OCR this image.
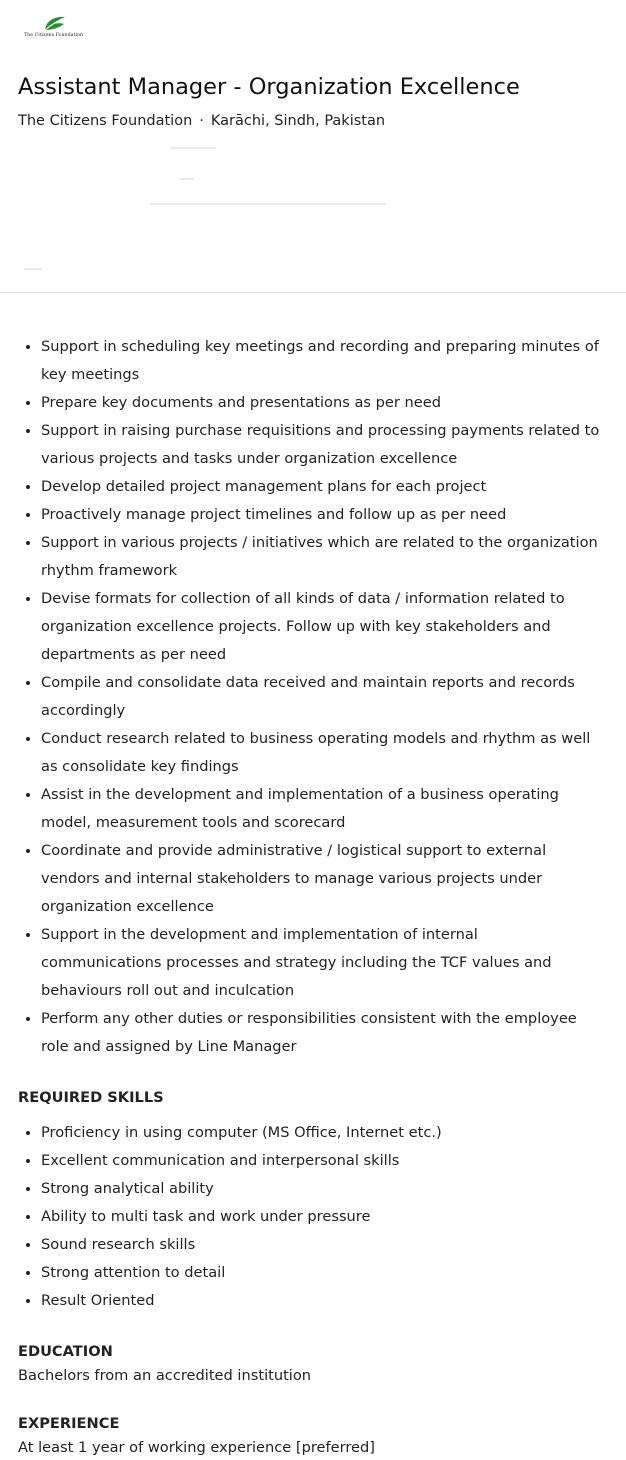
The Citizens Foundation
Assistant Manager - Organization Excellence
The Citizens Foundation · Karāchi, Sindh, Pakistan
• Support in scheduling key meetings and recording and preparing minutes of key meetings
• Prepare key documents and presentations as per need
• Support in raising purchase requisitions and processing payments related to various projects and tasks under organization excellence
• Develop detailed project management plans for each project
• Proactively manage project timelines and follow up as per need
• Support in various projects / initiatives which are related to the organization rhythm framework
• Devise formats for collection of all kinds of data / information related to organization excellence projects. Follow up with key stakeholders and departments as per need
• Compile and consolidate data received and maintain reports and records accordingly
• Conduct research related to business operating models and rhythm as well as consolidate key findings
• Assist in the development and implementation of a business operating model, measurement tools and scorecard
• Coordinate and provide administrative / logistical support to external vendors and internal stakeholders to manage various projects under organization excellence
• Support in the development and implementation of internal communications processes and strategy including the TCF values and behaviours roll out and inculcation
• Perform any other duties or responsibilities consistent with the employee role and assigned by Line Manager
REQUIRED SKILLS
• Proficiency in using computer (MS Office, Internet etc.)
• Excellent communication and interpersonal skills
• Strong analytical ability
• Ability to multi task and work under pressure
• Sound research skills
• Strong attention to detail
• Result Oriented
EDUCATION
Bachelors from an accredited institution
EXPERIENCE
At least 1 year of working experience [preferred]
